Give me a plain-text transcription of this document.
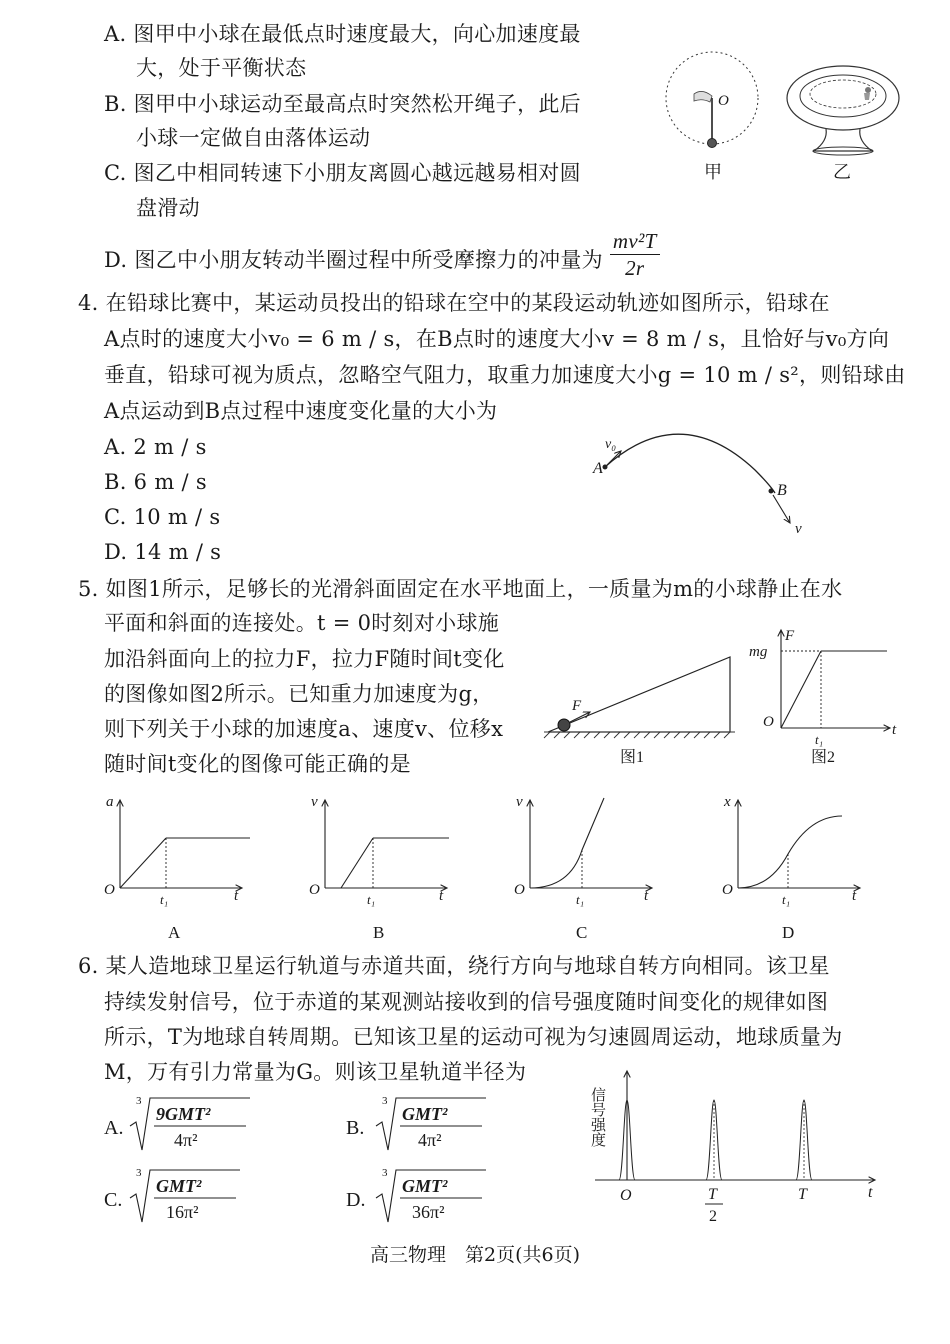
A. 图甲中小球在最低点时速度最大，向心加速度最
大，处于平衡状态
B. 图甲中小球运动至最高点时突然松开绳子，此后
小球一定做自由落体运动
C. 图乙中相同转速下小朋友离圆心越远越易相对圆
盘滑动
D. 图乙中小朋友转动半圈过程中所受摩擦力的冲量为 $\frac{\text{mv²T}}{2r}$
O
甲	乙
4. 在铅球比赛中，某运动员投出的铅球在空中的某段运动轨迹如图所示，铅球在
A点时的速度大小v₀ = 6 m / s，在B点时的速度大小v = 8 m / s，且恰好与v₀方向
垂直，铅球可视为质点，忽略空气阻力，取重力加速度大小g = 10 m / s²，则铅球由
A点运动到B点过程中速度变化量的大小为
A. 2 m / s
B. 6 m / s
C. 10 m / s
D. 14 m / s
A
v₀
B
v
5. 如图1所示，足够长的光滑斜面固定在水平地面上，一质量为m的小球静止在水
平面和斜面的连接处。t = 0时刻对小球施
加沿斜面向上的拉力F，拉力F随时间t变化
的图像如图2所示。已知重力加速度为g，
则下列关于小球的加速度a、速度v、位移x
随时间t变化的图像可能正确的是
F
图1
F
mg
O
t₁
t
图2
a
O
t₁	t
A
v
O
t₁	t
B
v
O
t₁	t
C
x
O
t₁	t
D
6. 某人造地球卫星运行轨道与赤道共面，绕行方向与地球自转方向相同。该卫星
持续发射信号，位于赤道的某观测站接收到的信号强度随时间变化的规律如图
所示，T为地球自转周期。已知该卫星的运动可视为匀速圆周运动，地球质量为
M，万有引力常量为G。则该卫星轨道半径为
A.
3
9GMT²
4π²
B.
3
GMT²
4π²
C.
3
GMT²
16π²
D.
3
GMT²
36π²
信号强度
O	T
2
T	t
高三物理　第2页(共6页)
